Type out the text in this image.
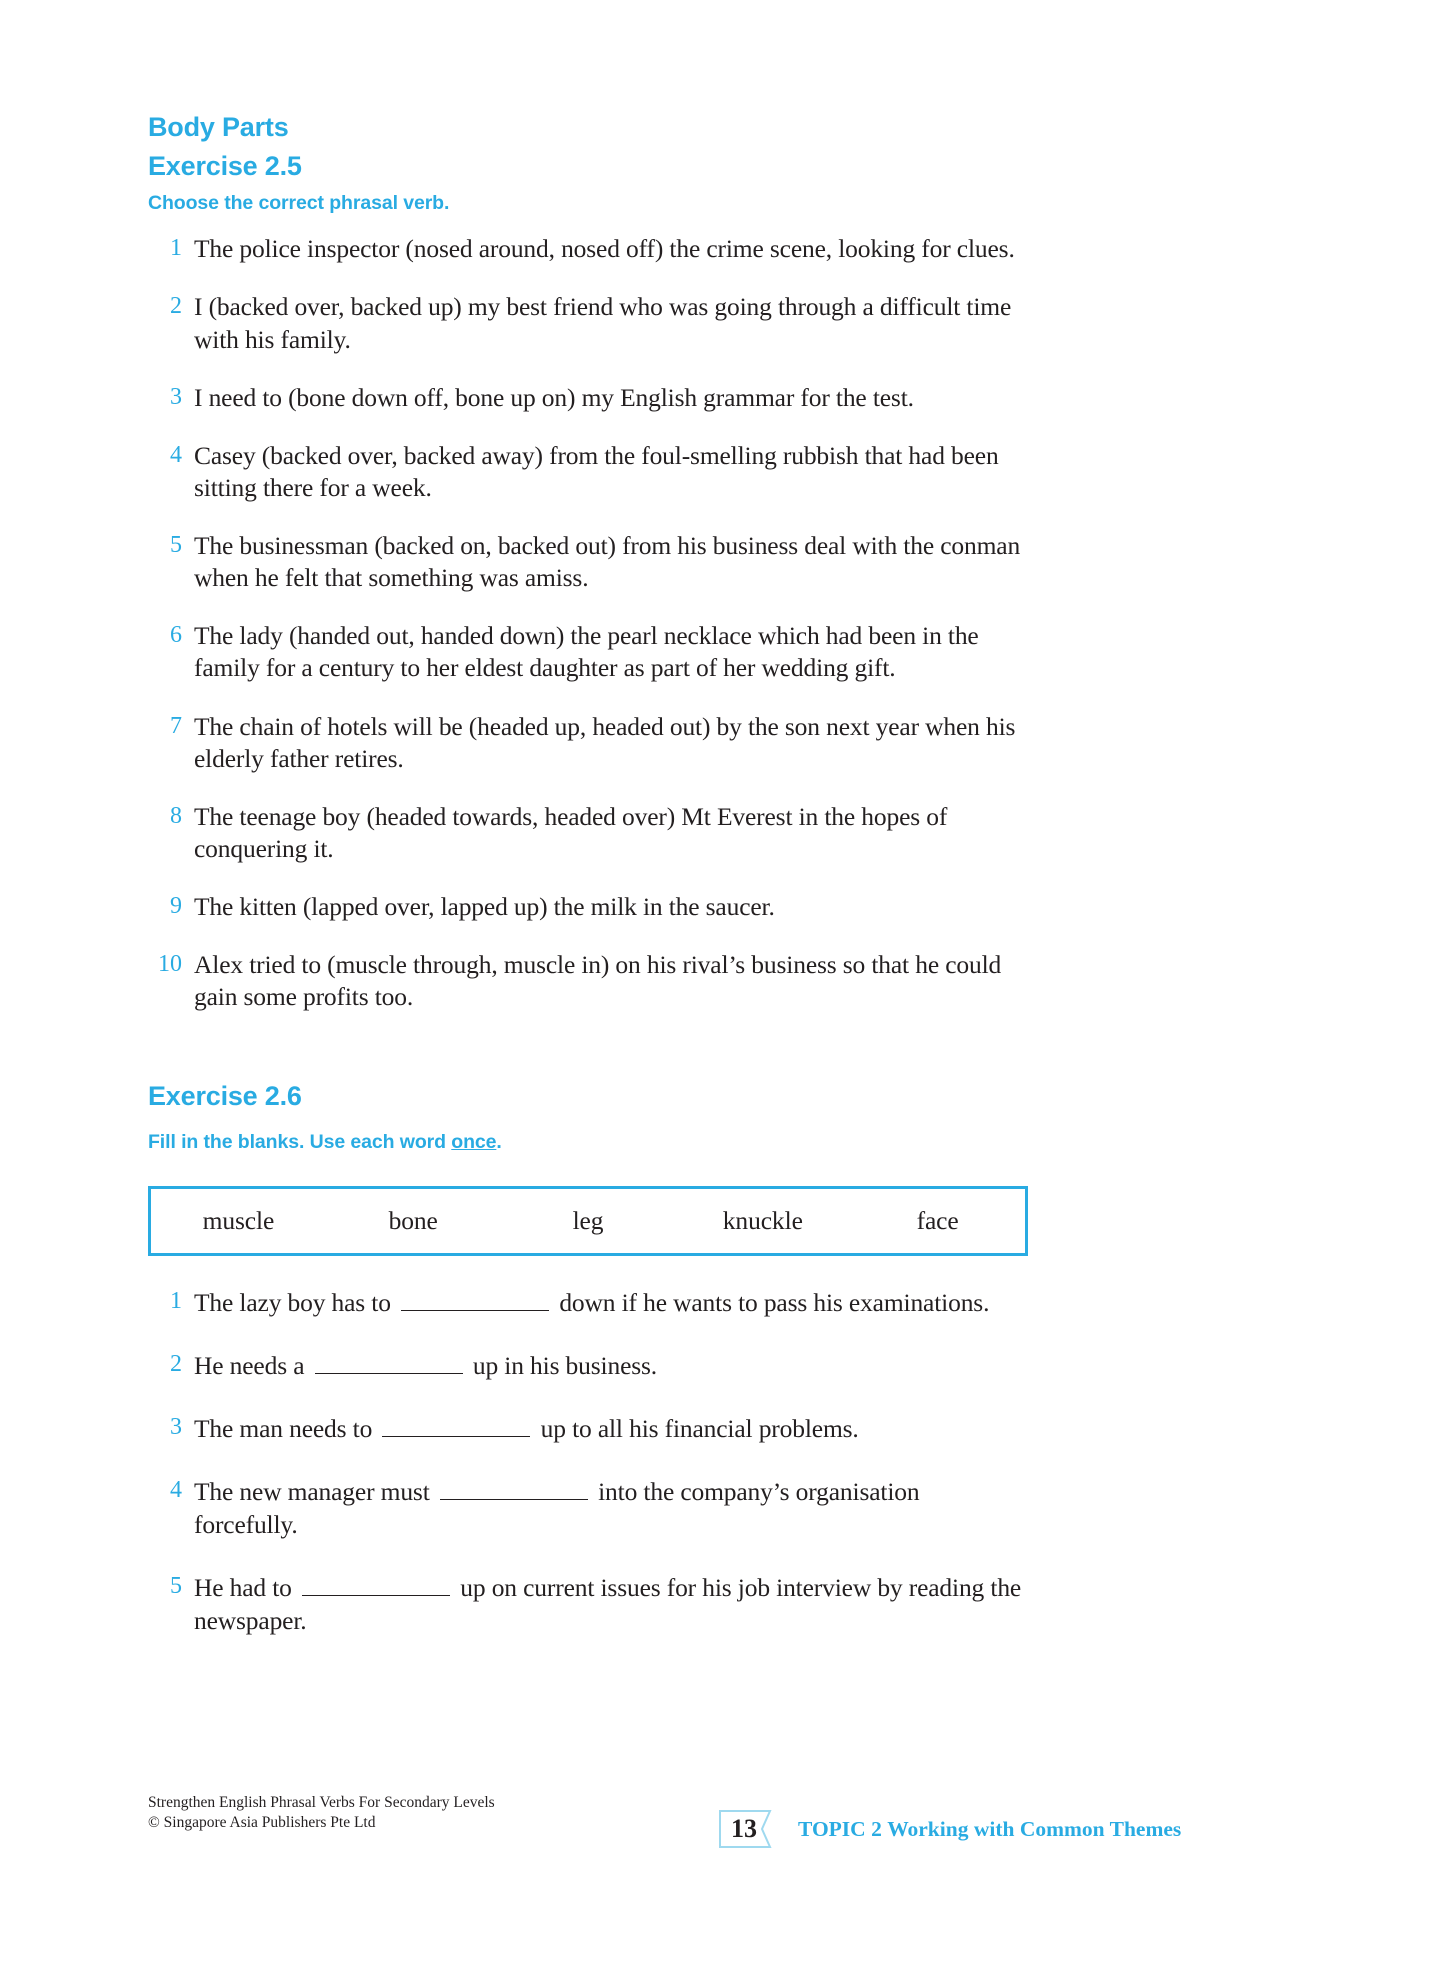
Body Parts
Exercise 2.5

Choose the correct phrasal verb.

1 The police inspector (nosed around, nosed off) the crime scene, looking for clues.
2 I (backed over, backed up) my best friend who was going through a difficult time with his family.
3 I need to (bone down off, bone up on) my English grammar for the test.
4 Casey (backed over, backed away) from the foul-smelling rubbish that had been sitting there for a week.
5 The businessman (backed on, backed out) from his business deal with the conman when he felt that something was amiss.
6 The lady (handed out, handed down) the pearl necklace which had been in the family for a century to her eldest daughter as part of her wedding gift.
7 The chain of hotels will be (headed up, headed out) by the son next year when his elderly father retires.
8 The teenage boy (headed towards, headed over) Mt Everest in the hopes of conquering it.
9 The kitten (lapped over, lapped up) the milk in the saucer.
10 Alex tried to (muscle through, muscle in) on his rival’s business so that he could gain some profits too.
Exercise 2.6

Fill in the blanks. Use each word once.

muscle	bone	leg	knuckle	face
1 The lazy boy has to	down if he wants to pass his examinations.
2 He needs a	up in his business.
3 The man needs to	up to all his financial problems.
4 The new manager must	into the company’s organisation forcefully.
5 He had to	up on current issues for his job interview by reading the newspaper.
Strengthen English Phrasal Verbs For Secondary Levels
© Singapore Asia Publishers Pte Ltd	13	TOPIC 2 Working with Common Themes
